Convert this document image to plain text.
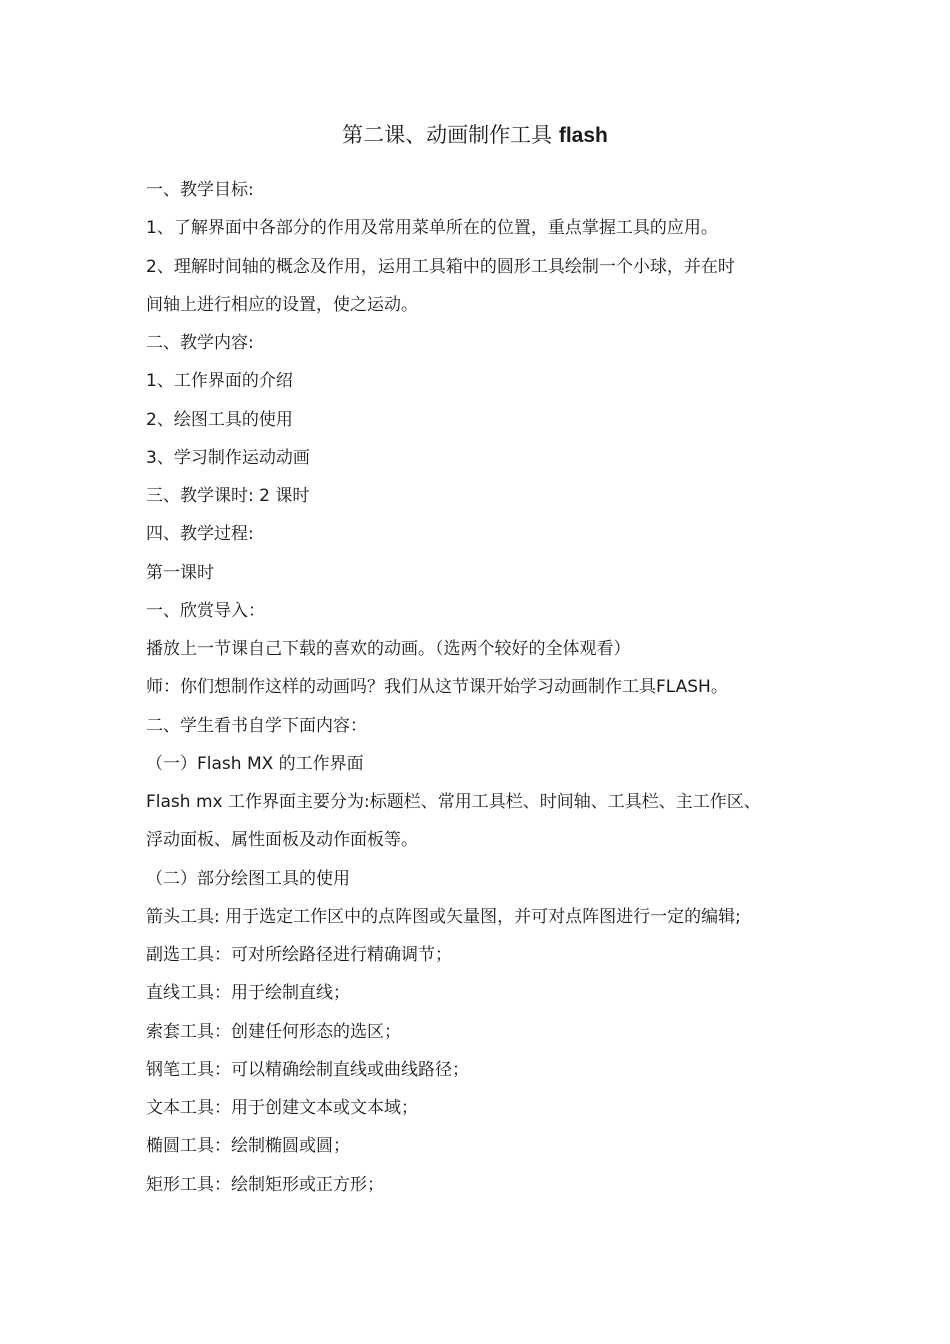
第二课、动画制作工具 flash
一、教学目标:
1、了解界面中各部分的作用及常用菜单所在的位置，重点掌握工具的应用。
2、理解时间轴的概念及作用，运用工具箱中的圆形工具绘制一个小球，并在时
间轴上进行相应的设置，使之运动。
二、教学内容:
1、工作界面的介绍
2、绘图工具的使用
3、学习制作运动动画
三、教学课时: 2 课时
四、教学过程:
第一课时
一、欣赏导入：
播放上一节课自己下载的喜欢的动画。（选两个较好的全体观看）
师：你们想制作这样的动画吗？我们从这节课开始学习动画制作工具FLASH。
二、学生看书自学下面内容：
（一）Flash MX 的工作界面
Flash mx 工作界面主要分为:标题栏、常用工具栏、时间轴、工具栏、主工作区、
浮动面板、属性面板及动作面板等。
（二）部分绘图工具的使用
箭头工具: 用于选定工作区中的点阵图或矢量图，并可对点阵图进行一定的编辑;
副选工具：可对所绘路径进行精确调节；
直线工具：用于绘制直线；
索套工具：创建任何形态的选区；
钢笔工具：可以精确绘制直线或曲线路径；
文本工具：用于创建文本或文本域；
椭圆工具：绘制椭圆或圆；
矩形工具：绘制矩形或正方形；
